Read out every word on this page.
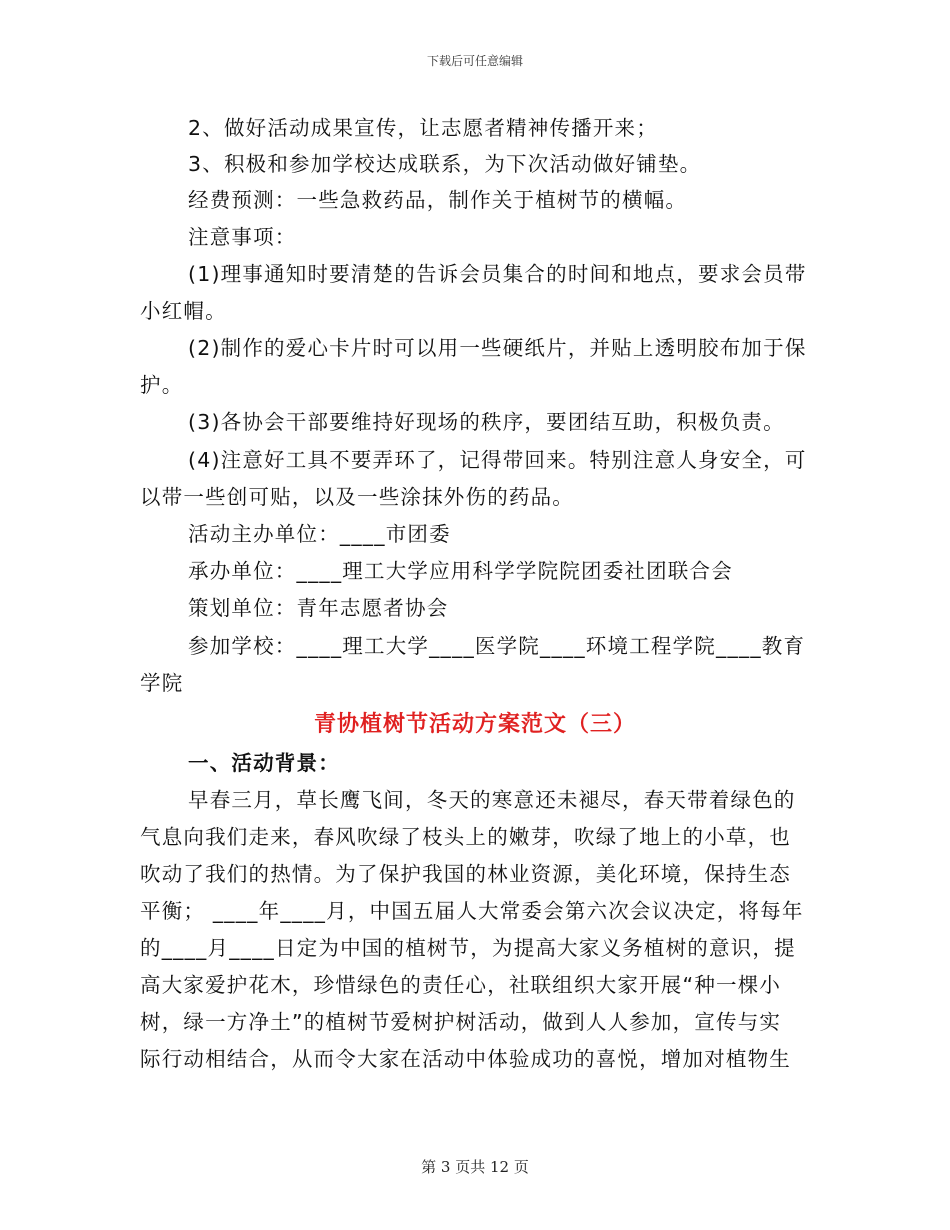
下载后可任意编辑
2、做好活动成果宣传，让志愿者精神传播开来；
3、积极和参加学校达成联系，为下次活动做好铺垫。
经费预测：一些急救药品，制作关于植树节的横幅。
注意事项：
(1)理事通知时要清楚的告诉会员集合的时间和地点，要求会员带
小红帽。
(2)制作的爱心卡片时可以用一些硬纸片，并贴上透明胶布加于保
护。
(3)各协会干部要维持好现场的秩序，要团结互助，积极负责。
(4)注意好工具不要弄环了，记得带回来。特别注意人身安全，可
以带一些创可贴，以及一些涂抹外伤的药品。
活动主办单位：____市团委
承办单位：____理工大学应用科学学院院团委社团联合会
策划单位：青年志愿者协会
参加学校：____理工大学____医学院____环境工程学院____教育
学院
青协植树节活动方案范文（三）
一、活动背景：
早春三月，草长鹰飞间，冬天的寒意还未褪尽，春天带着绿色的
气息向我们走来，春风吹绿了枝头上的嫩芽，吹绿了地上的小草，也
吹动了我们的热情。为了保护我国的林业资源，美化环境，保持生态
平衡； ____年____月，中国五届人大常委会第六次会议决定，将每年
的____月____日定为中国的植树节，为提高大家义务植树的意识，提
高大家爱护花木，珍惜绿色的责任心，社联组织大家开展“种一棵小
树，绿一方净土”的植树节爱树护树活动，做到人人参加，宣传与实
际行动相结合，从而令大家在活动中体验成功的喜悦，增加对植物生
第 3 页共 12 页
